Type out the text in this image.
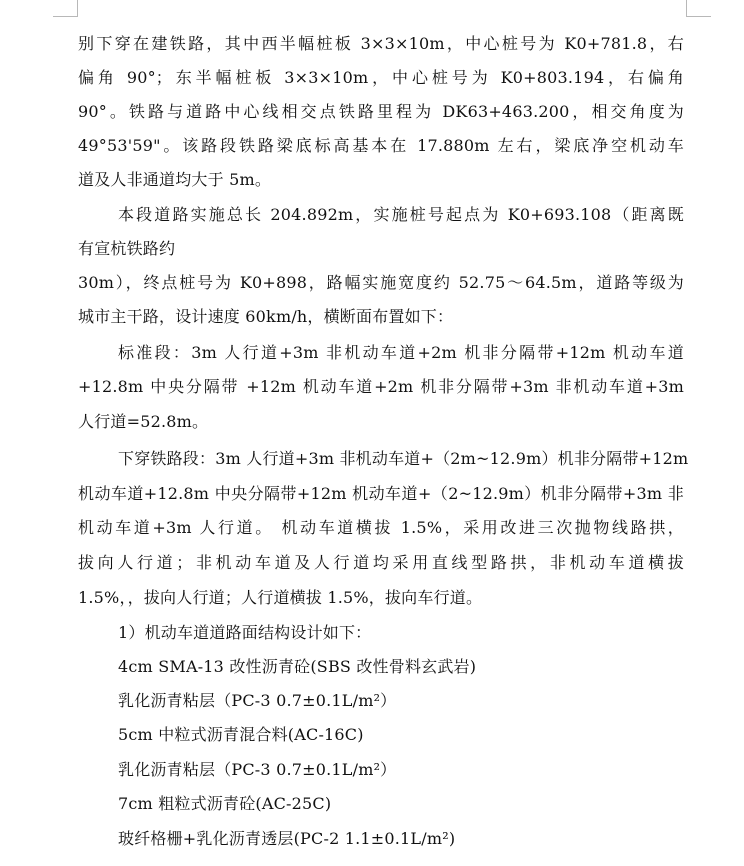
别下穿在建铁路，其中西半幅桩板 3×3×10m，中心桩号为 K0+781.8，右
偏角 90°；东半幅桩板 3×3×10m，中心桩号为 K0+803.194，右偏角
90°。铁路与道路中心线相交点铁路里程为 DK63+463.200，相交角度为
49°53'59"。该路段铁路梁底标高基本在 17.880m 左右，梁底净空机动车
道及人非通道均大于 5m。
本段道路实施总长 204.892m，实施桩号起点为 K0+693.108（距离既
有宣杭铁路约
30m），终点桩号为 K0+898，路幅实施宽度约 52.75～64.5m，道路等级为
城市主干路，设计速度 60km/h，横断面布置如下：
标准段：3m 人行道+3m 非机动车道+2m 机非分隔带+12m 机动车道
+12.8m 中央分隔带 +12m 机动车道+2m 机非分隔带+3m 非机动车道+3m
人行道=52.8m。
下穿铁路段：3m 人行道+3m 非机动车道+（2m~12.9m）机非分隔带+12m
机动车道+12.8m 中央分隔带+12m 机动车道+（2~12.9m）机非分隔带+3m 非
机动车道+3m 人行道。 机动车道横拔 1.5%，采用改进三次抛物线路拱，
拔向人行道；非机动车道及人行道均采用直线型路拱，非机动车道横拔
1.5%，，拔向人行道；人行道横拔 1.5%，拔向车行道。
1）机动车道道路面结构设计如下：
4cm SMA-13 改性沥青砼(SBS 改性骨料玄武岩)
乳化沥青粘层（PC-3 0.7±0.1L/m²）
5cm 中粒式沥青混合料(AC-16C)
乳化沥青粘层（PC-3 0.7±0.1L/m²）
7cm 粗粒式沥青砼(AC-25C)
玻纤格栅+乳化沥青透层(PC-2 1.1±0.1L/m²)
